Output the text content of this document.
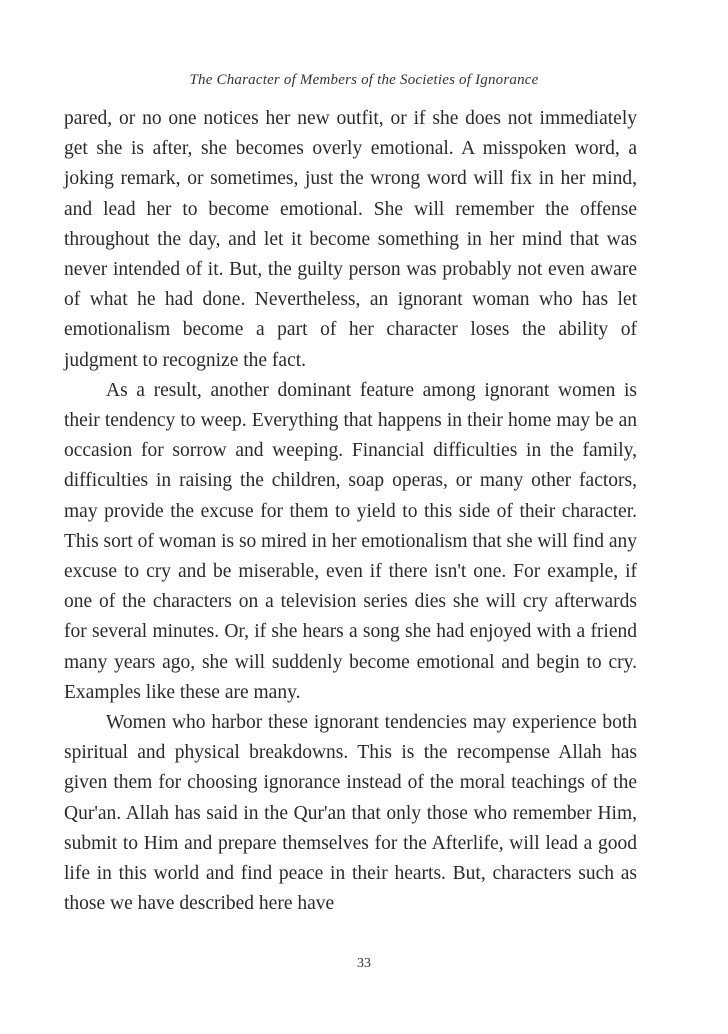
The Character of Members of the Societies of Ignorance

pared, or no one notices her new outfit, or if she does not immediately get she is after, she becomes overly emotional. A misspoken word, a joking remark, or sometimes, just the wrong word will fix in her mind, and lead her to become emotional. She will remember the offense throughout the day, and let it become something in her mind that was never intended of it. But, the guilty person was probably not even aware of what he had done. Nevertheless, an ignorant woman who has let emotionalism become a part of her character loses the ability of judgment to recognize the fact.

As a result, another dominant feature among ignorant women is their tendency to weep. Everything that happens in their home may be an occasion for sorrow and weeping. Financial difficulties in the family, difficulties in raising the children, soap operas, or many other factors, may provide the excuse for them to yield to this side of their character. This sort of woman is so mired in her emotionalism that she will find any excuse to cry and be miserable, even if there isn't one. For example, if one of the characters on a television series dies she will cry afterwards for several minutes. Or, if she hears a song she had enjoyed with a friend many years ago, she will suddenly become emotional and begin to cry. Examples like these are many.

Women who harbor these ignorant tendencies may experience both spiritual and physical breakdowns. This is the recompense Allah has given them for choosing ignorance instead of the moral teachings of the Qur'an. Allah has said in the Qur'an that only those who remember Him, submit to Him and prepare themselves for the Afterlife, will lead a good life in this world and find peace in their hearts. But, characters such as those we have described here have

33
